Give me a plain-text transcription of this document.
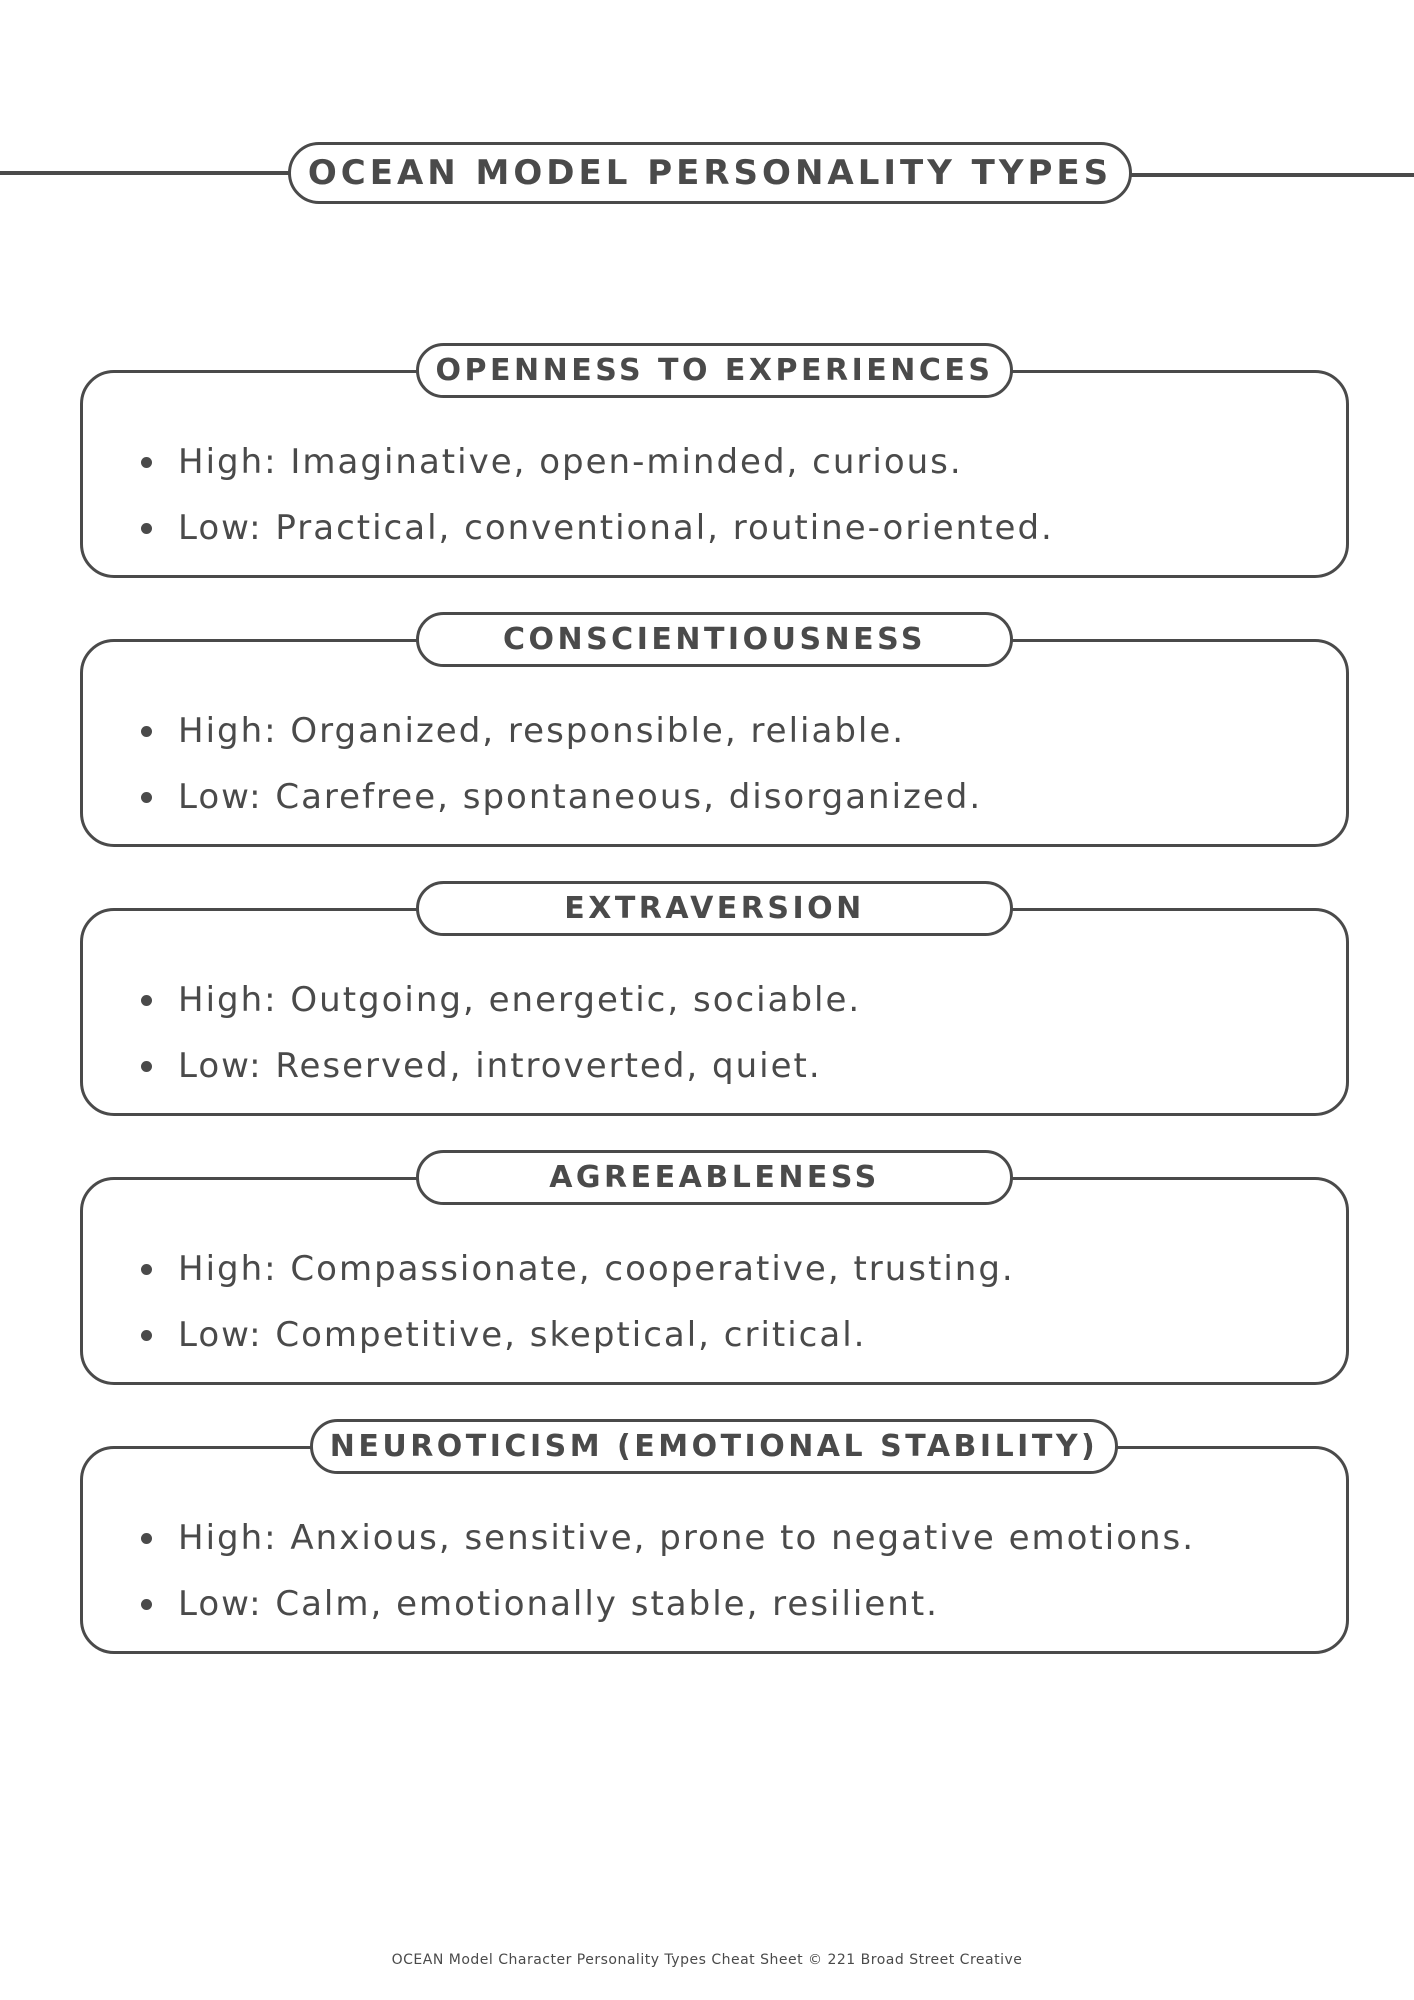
OCEAN MODEL PERSONALITY TYPES
High: Imaginative, open-minded, curious.
Low: Practical, conventional, routine-oriented.
OPENNESS TO EXPERIENCES
High: Organized, responsible, reliable.
Low: Carefree, spontaneous, disorganized.
CONSCIENTIOUSNESS
High: Outgoing, energetic, sociable.
Low: Reserved, introverted, quiet.
EXTRAVERSION
High: Compassionate, cooperative, trusting.
Low: Competitive, skeptical, critical.
AGREEABLENESS
High: Anxious, sensitive, prone to negative emotions.
Low: Calm, emotionally stable, resilient.
NEUROTICISM (EMOTIONAL STABILITY)
OCEAN Model Character Personality Types Cheat Sheet © 221 Broad Street Creative
